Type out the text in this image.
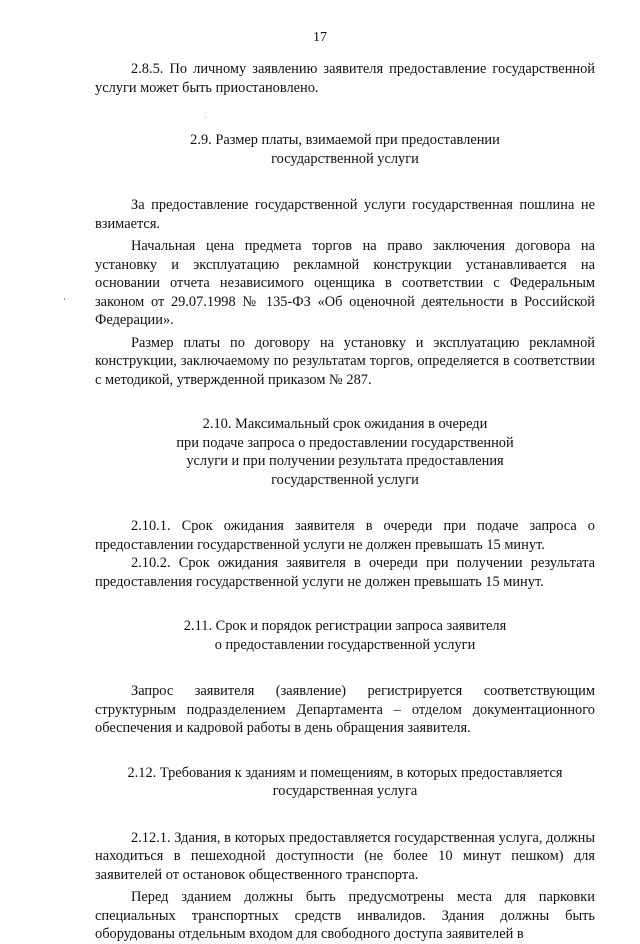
17

2.8.5. По личному заявлению заявителя предоставление государственной услуги может быть приостановлено.

2.9. Размер платы, взимаемой при предоставлении
государственной услуги

За предоставление государственной услуги государственная пошлина не взимается.

Начальная цена предмета торгов на право заключения договора на установку и эксплуатацию рекламной конструкции устанавливается на основании отчета независимого оценщика в соответствии с Федеральным законом от 29.07.1998 № 135-ФЗ «Об оценочной деятельности в Российской Федерации».

Размер платы по договору на установку и эксплуатацию рекламной конструкции, заключаемому по результатам торгов, определяется в соответствии с методикой, утвержденной приказом № 287.

2.10. Максимальный срок ожидания в очереди
при подаче запроса о предоставлении государственной
услуги и при получении результата предоставления
государственной услуги

2.10.1. Срок ожидания заявителя в очереди при подаче запроса о предоставлении государственной услуги не должен превышать 15 минут.

2.10.2. Срок ожидания заявителя в очереди при получении результата предоставления государственной услуги не должен превышать 15 минут.

2.11. Срок и порядок регистрации запроса заявителя
о предоставлении государственной услуги

Запрос заявителя (заявление) регистрируется соответствующим структурным подразделением Департамента – отделом документационного обеспечения и кадровой работы в день обращения заявителя.

2.12. Требования к зданиям и помещениям, в которых предоставляется
государственная услуга

2.12.1. Здания, в которых предоставляется государственная услуга, должны находиться в пешеходной доступности (не более 10 минут пешком) для заявителей от остановок общественного транспорта.

Перед зданием должны быть предусмотрены места для парковки специальных транспортных средств инвалидов. Здания должны быть оборудованы отдельным входом для свободного доступа заявителей в
